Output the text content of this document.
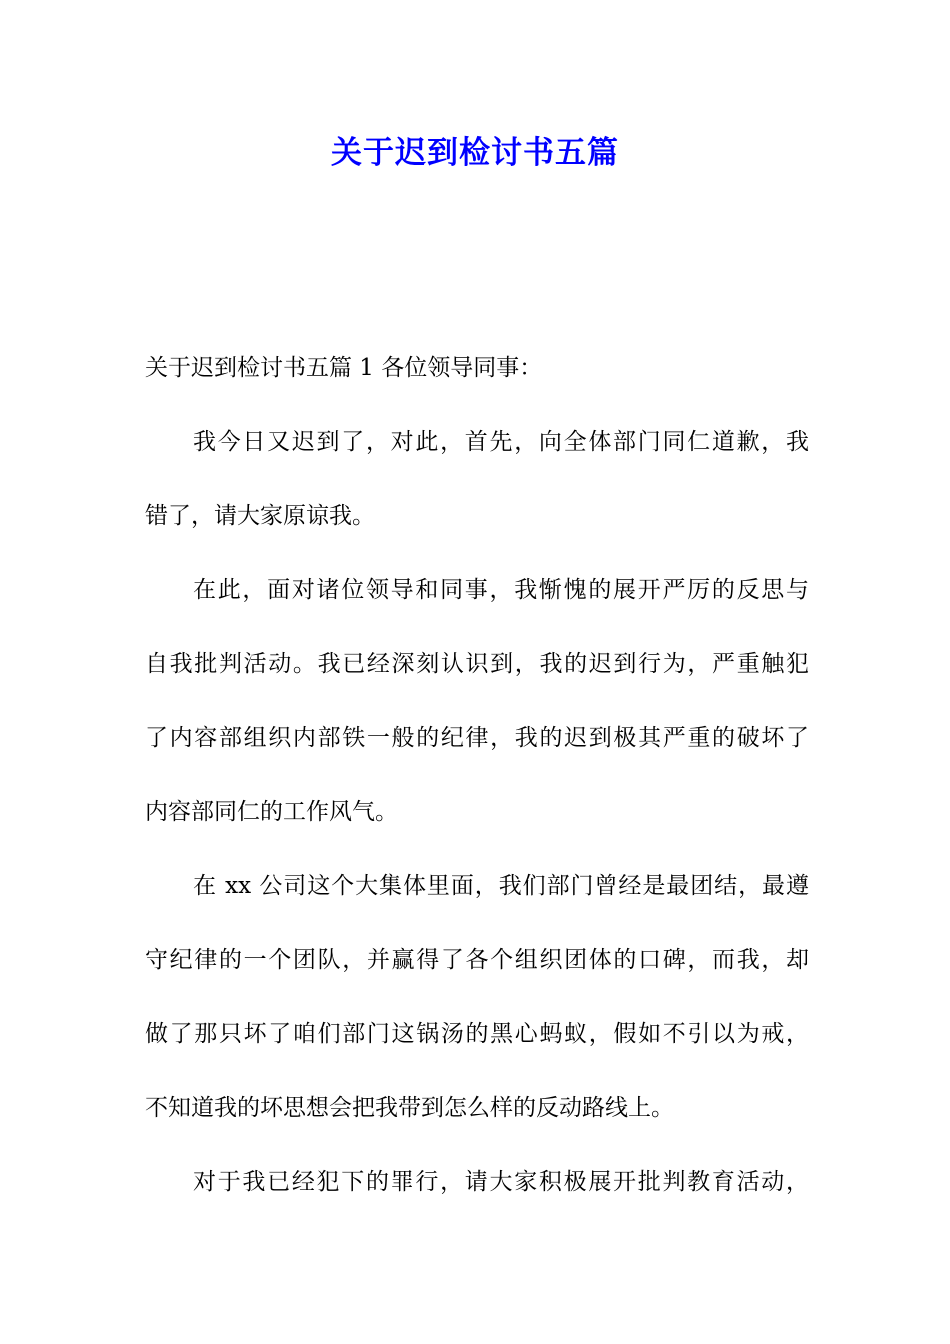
关于迟到检讨书五篇
关于迟到检讨书五篇 1 各位领导同事：
我今日又迟到了，对此，首先，向全体部门同仁道歉，我
错了，请大家原谅我。
在此，面对诸位领导和同事，我惭愧的展开严厉的反思与
自我批判活动。我已经深刻认识到，我的迟到行为，严重触犯
了内容部组织内部铁一般的纪律，我的迟到极其严重的破坏了
内容部同仁的工作风气。
在 xx 公司这个大集体里面，我们部门曾经是最团结，最遵
守纪律的一个团队，并赢得了各个组织团体的口碑，而我，却
做了那只坏了咱们部门这锅汤的黑心蚂蚁，假如不引以为戒，
不知道我的坏思想会把我带到怎么样的反动路线上。
对于我已经犯下的罪行，请大家积极展开批判教育活动，
